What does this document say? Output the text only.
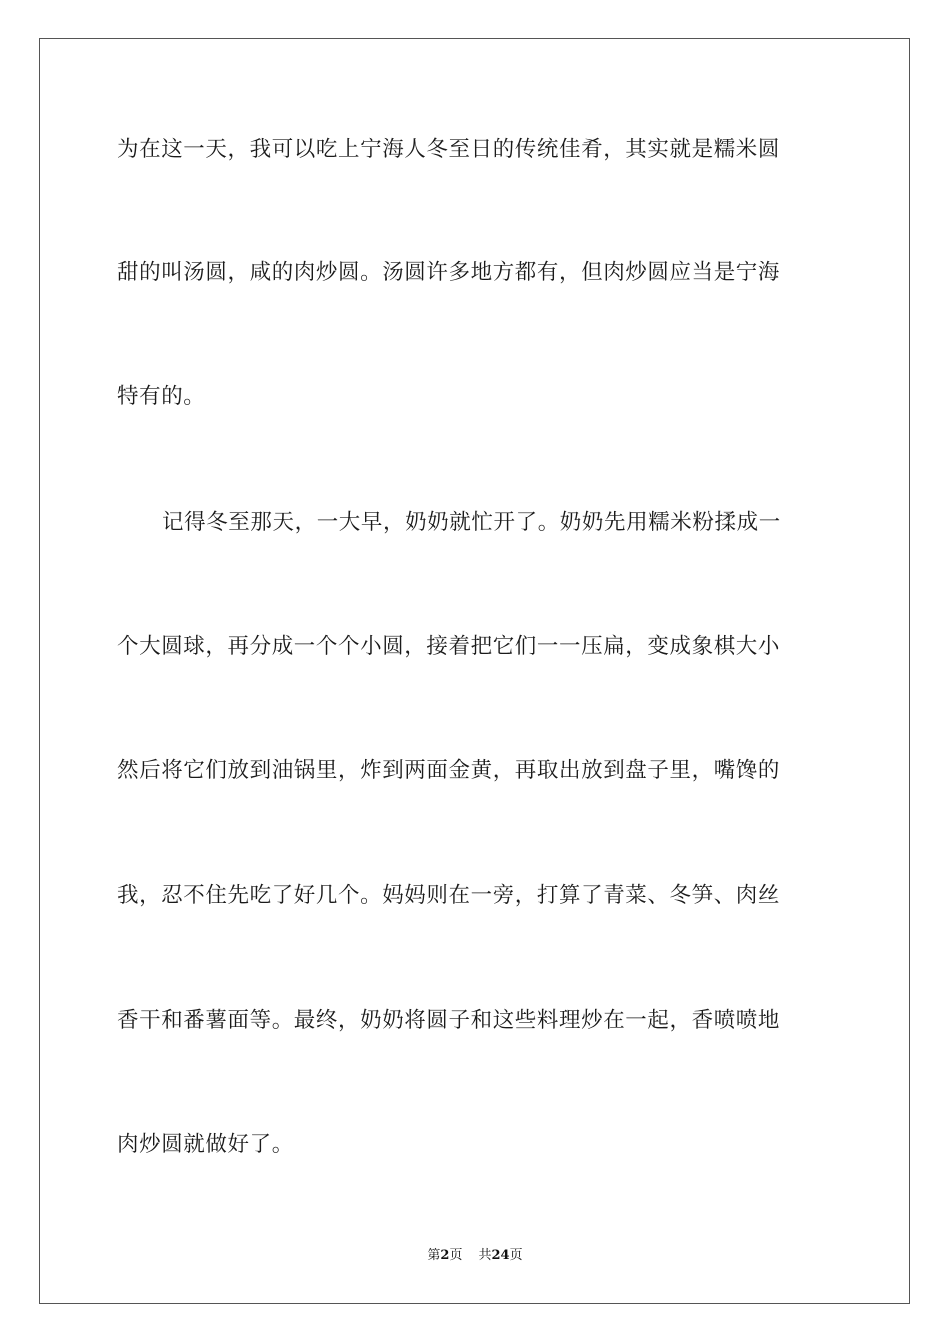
为在这一天，我可以吃上宁海人冬至日的传统佳肴，其实就是糯米圆
甜的叫汤圆，咸的肉炒圆。汤圆许多地方都有，但肉炒圆应当是宁海
特有的。
记得冬至那天，一大早，奶奶就忙开了。奶奶先用糯米粉揉成一
个大圆球，再分成一个个小圆，接着把它们一一压扁，变成象棋大小
然后将它们放到油锅里，炸到两面金黄，再取出放到盘子里，嘴馋的
我，忍不住先吃了好几个。妈妈则在一旁，打算了青菜、冬笋、肉丝
香干和番薯面等。最终，奶奶将圆子和这些料理炒在一起，香喷喷地
肉炒圆就做好了。
第2页 共24页
